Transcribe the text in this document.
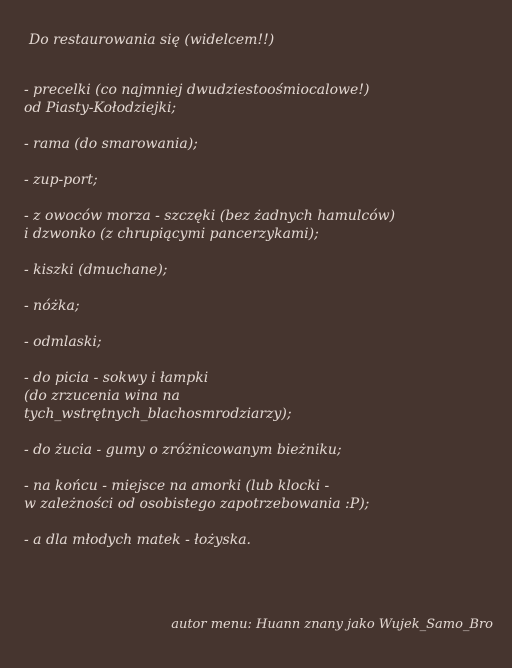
Do restaurowania się (widelcem!!)

- precelki (co najmniej dwudziestoośmiocalowe!)
od Piasty-Kołodziejki;

- rama (do smarowania);

- zup-port;

- z owoców morza - szczęki (bez żadnych hamulców)
i dzwonko (z chrupiącymi pancerzykami);

- kiszki (dmuchane);

- nóżka;

- odmlaski;

- do picia - sokwy i łampki
(do zrzucenia wina na
tych_wstrętnych_blachosmrodziarzy);

- do żucia - gumy o zróżnicowanym bieżniku;

- na końcu - miejsce na amorki (lub klocki -
w zależności od osobistego zapotrzebowania :P);

- a dla młodych matek - łożyska.

autor menu: Huann znany jako Wujek_Samo_Bro
